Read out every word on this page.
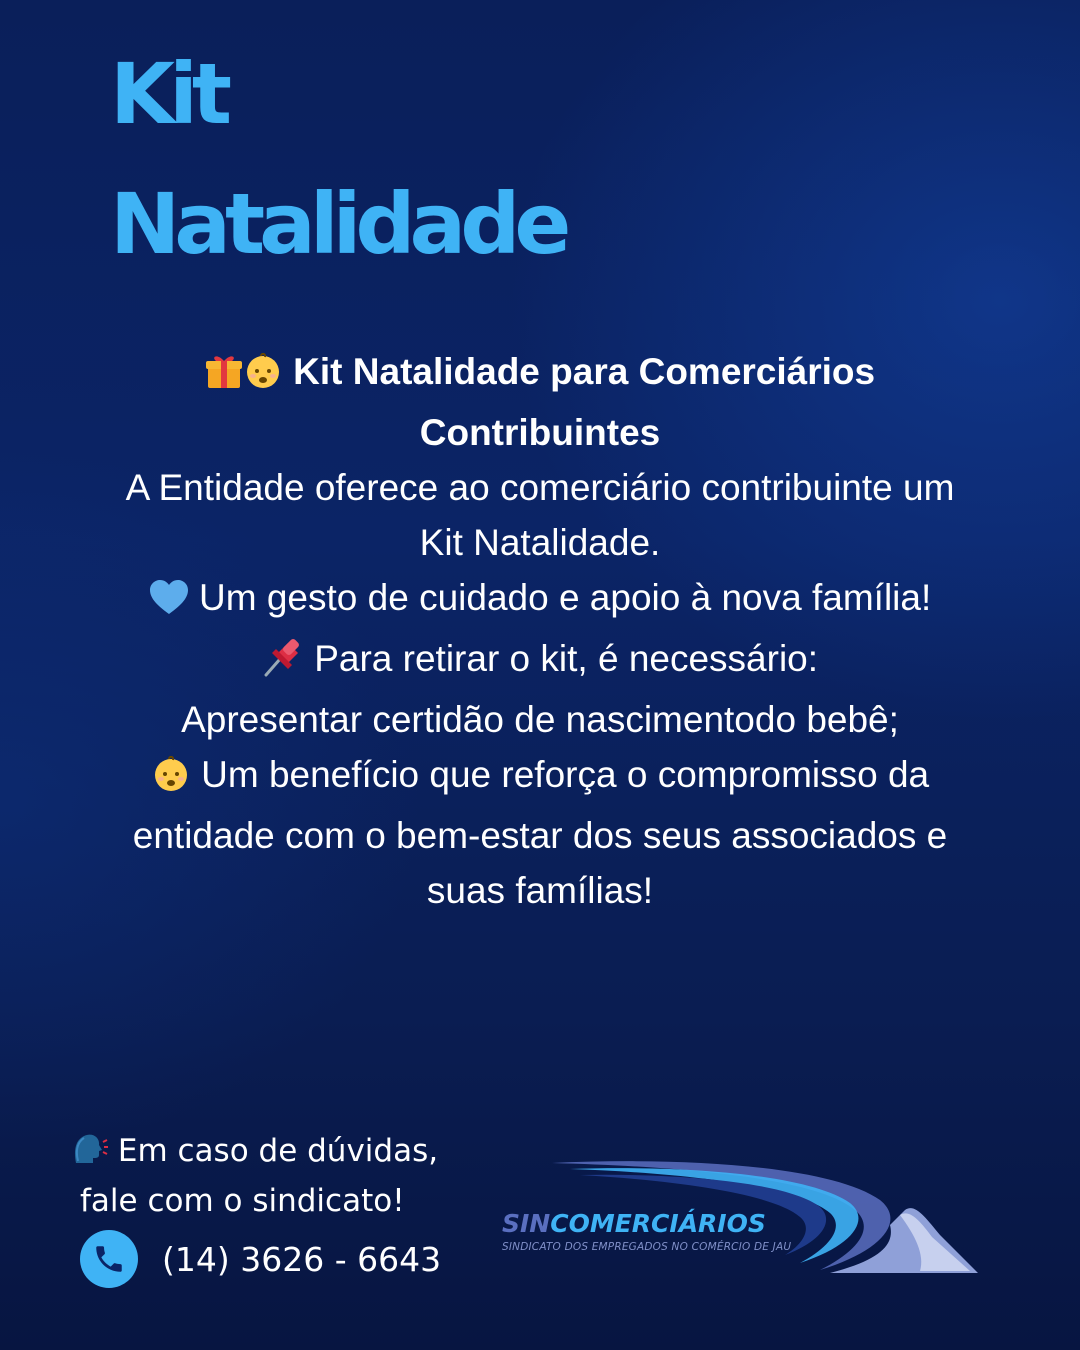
Kit
Natalidade

Kit Natalidade para Comerciários Contribuintes

A Entidade oferece ao comerciário contribuinte um Kit Natalidade.

Um gesto de cuidado e apoio à nova família!

Para retirar o kit, é necessário:

Apresentar certidão de nascimentodo bebê;

Um benefício que reforça o compromisso da entidade com o bem-estar dos seus associados e suas famílias!

Em caso de dúvidas,
fale com o sindicato!
(14) 3626 - 6643
SINCOMERCIÁRIOS
SINDICATO DOS EMPREGADOS NO COMÉRCIO DE JAU
